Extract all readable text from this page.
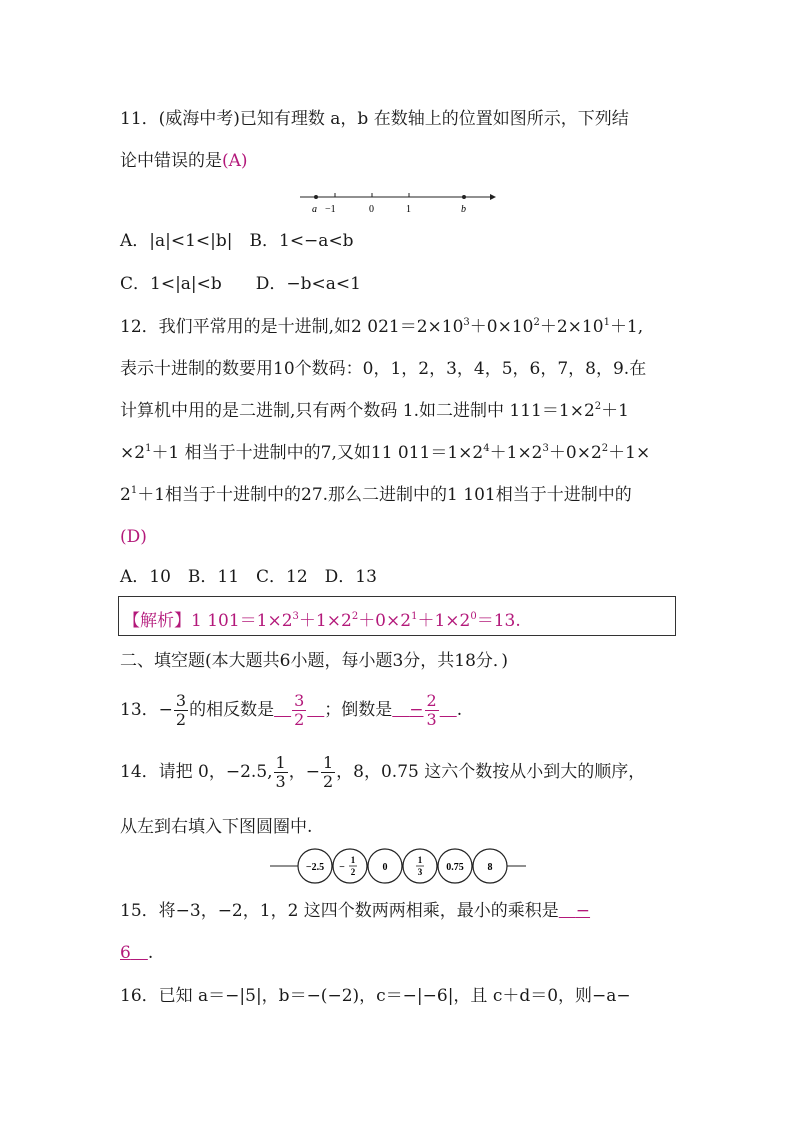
11．(威海中考)已知有理数 a，b 在数轴上的位置如图所示，下列结
论中错误的是(A)
a −1	0	1	b
A．|a|<1<|b|　B．1<−a<b
C．1<|a|<b　　D．−b<a<1
12．我们平常用的是十进制,如2 $021=2\times 10^3+0\times 10^2+2\times 10^1+1$,
表示十进制的数要用10个数码：0，1，2，3，4，5，6，7，8，9.在
计算机中用的是二进制,只有两个数码 1.如二进制中 $111=1\times 2^2+1$
$\times 2^1+1$ 相当于十进制中的7,又如11 $011=1\times 2^4+1\times 2^3+0\times 2^2+1\times$
$2^1+1$相当于十进制中的27.那么二进制中的1 101相当于十进制中的
(D)
A．10　B．11　C．12　D．13
【解析】1 $101=1\times 2^3+1\times 2^2+0\times 2^1+1\times 2^0=13$.
二、填空题(本大题共6小题，每小题3分，共18分．)
13．− $\frac{3}{2}$ 的相反数是  $\frac{3}{2}$
  ；倒数是  − $\frac{2}{3}$
  .
14．请把 0，−2.5, $\frac{1}{3}$ ，− $\frac{1}{2}$ ，8，0.75 这六个数按从小到大的顺序，
从左到右填入下图圆圈中.
−2.5 −
1
2	0
1
3 0.75 8
15．将−3，−2，1，2 这四个数两两相乘，最小的乘积是   −
6   .
16．已知 a＝−|5|，b＝−(−2)，c＝−|−6|，且 c＋d＝0，则−a−
